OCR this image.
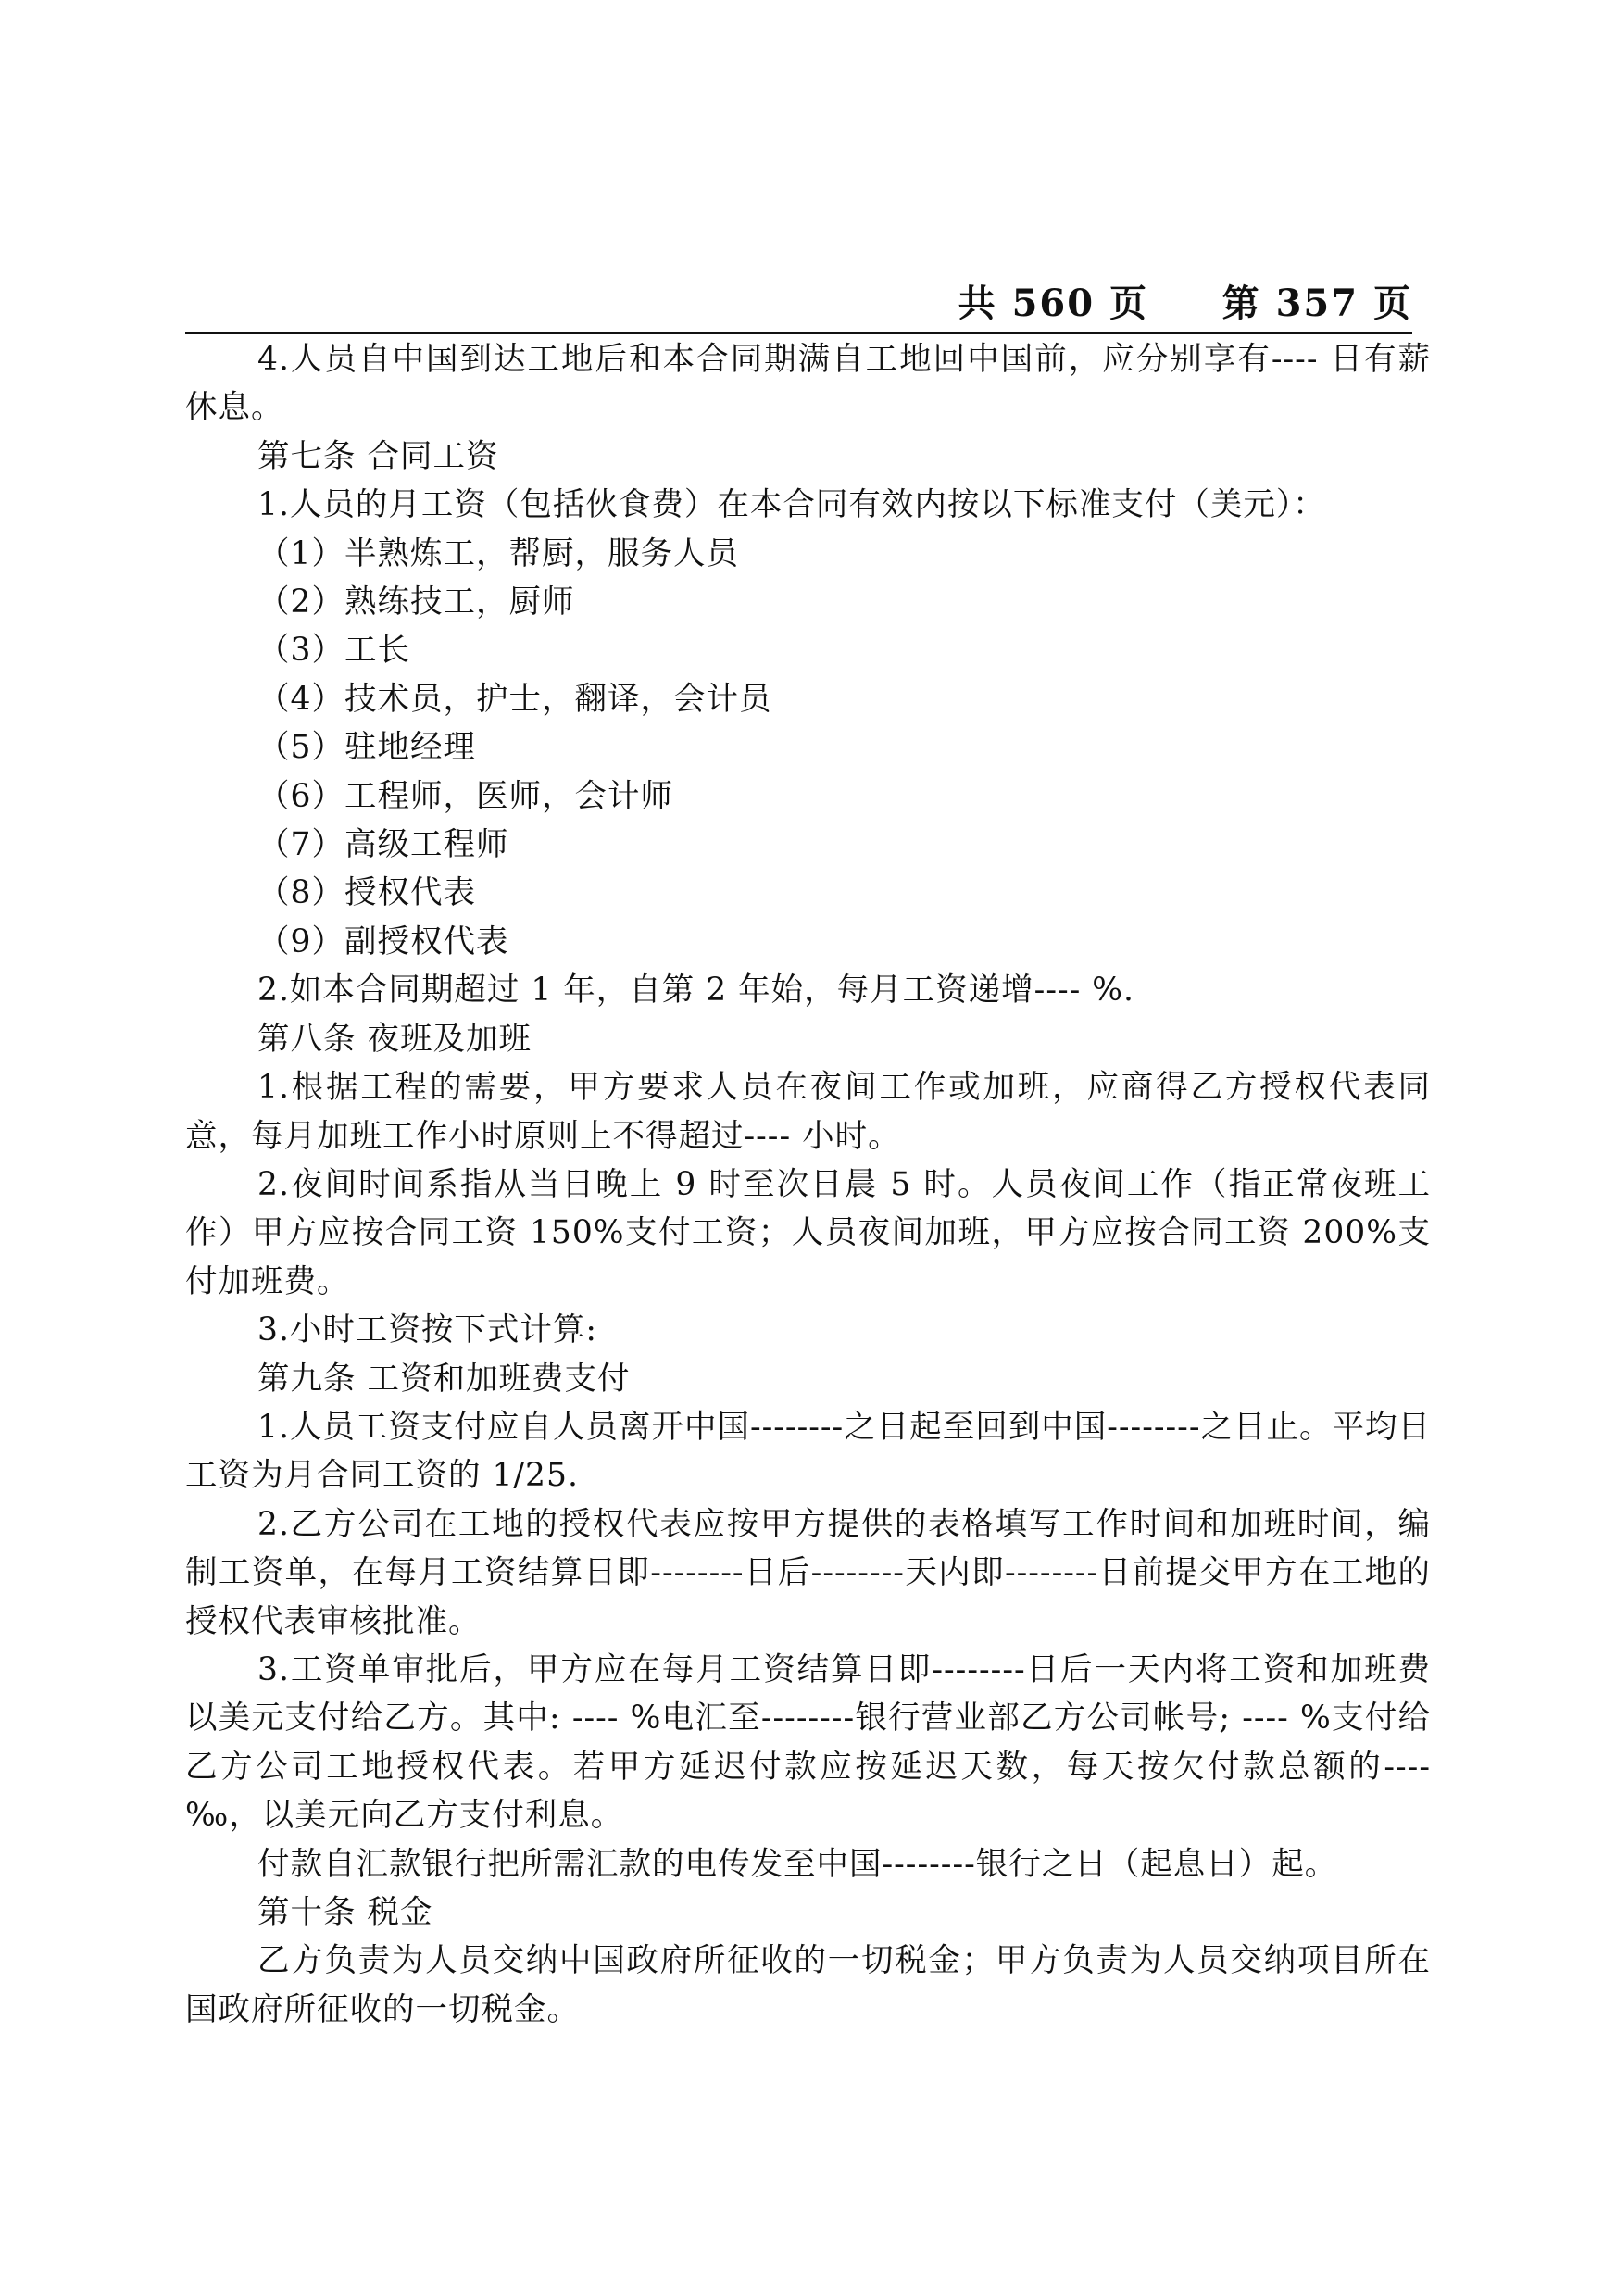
共 560 页     第 357 页

4.人员自中国到达工地后和本合同期满自工地回中国前，应分别享有---- 日有薪休息。

第七条 合同工资

1.人员的月工资（包括伙食费）在本合同有效内按以下标准支付（美元）：

（1）半熟炼工，帮厨，服务人员

（2）熟练技工，厨师

（3）工长

（4）技术员，护士，翻译，会计员

（5）驻地经理

（6）工程师，医师，会计师

（7）高级工程师

（8）授权代表

（9）副授权代表

2.如本合同期超过 1 年，自第 2 年始，每月工资递增---- %.

第八条 夜班及加班

1.根据工程的需要，甲方要求人员在夜间工作或加班，应商得乙方授权代表同意，每月加班工作小时原则上不得超过---- 小时。

2.夜间时间系指从当日晚上 9 时至次日晨 5 时。人员夜间工作（指正常夜班工作）甲方应按合同工资 150%支付工资；人员夜间加班，甲方应按合同工资 200%支付加班费。

3.小时工资按下式计算:

第九条 工资和加班费支付

1.人员工资支付应自人员离开中国--------之日起至回到中国--------之日止。平均日工资为月合同工资的 1/25.

2.乙方公司在工地的授权代表应按甲方提供的表格填写工作时间和加班时间，编制工资单，在每月工资结算日即--------日后--------天内即--------日前提交甲方在工地的授权代表审核批准。

3.工资单审批后，甲方应在每月工资结算日即--------日后一天内将工资和加班费以美元支付给乙方。其中: ---- %电汇至--------银行营业部乙方公司帐号; ---- %支付给乙方公司工地授权代表。若甲方延迟付款应按延迟天数，每天按欠付款总额的---- ‰，以美元向乙方支付利息。

付款自汇款银行把所需汇款的电传发至中国--------银行之日（起息日）起。

第十条 税金

乙方负责为人员交纳中国政府所征收的一切税金；甲方负责为人员交纳项目所在国政府所征收的一切税金。
